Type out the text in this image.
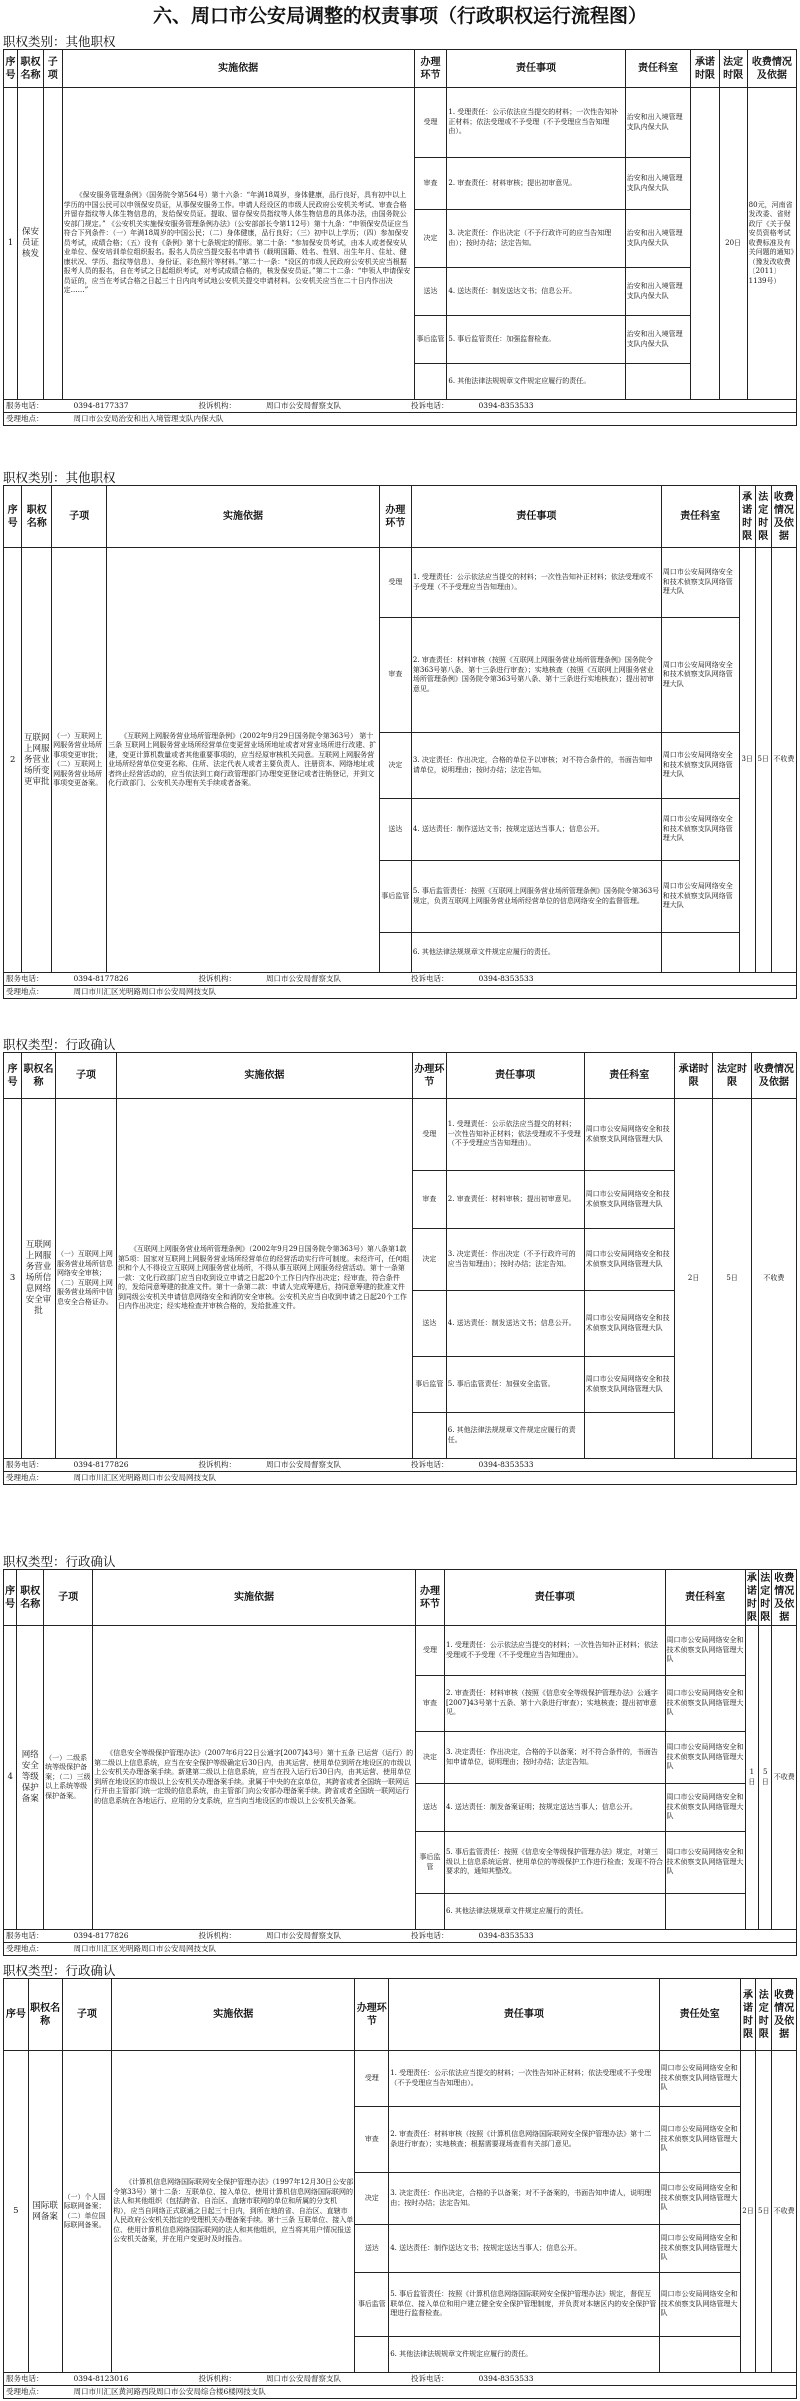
六、周口市公安局调整的权责事项（行政职权运行流程图）
职权类别：其他职权
序号	职权名称	子项	实施依据	办理环节	责任事项	责任科室	承诺时限	法定时限	收费情况及依据
1	保安员证核发		《保安服务管理条例》（国务院令第564号）第十六条：“年满18周岁，身体健康，品行良好，具有初中以上学历的中国公民可以申领保安员证，从事保安服务工作。申请人经设区的市级人民政府公安机关考试、审查合格并留存指纹等人体生物信息的，发给保安员证。提取、留存保安员指纹等人体生物信息的具体办法，由国务院公安部门规定。” 《公安机关实施保安服务管理条例办法》（公安部部长令第112号）第十九条：“申领保安员证应当符合下列条件：（一）年满18周岁的中国公民；（二）身体健康，品行良好；（三）初中以上学历；（四）参加保安员考试，成绩合格；（五）没有《条例》第十七条规定的情形。第二十条：“参加保安员考试，由本人或者保安从业单位、保安培训单位组织报名。报名人员应当提交报名申请书（载明国籍、姓名、性别、出生年月、住址、健康状况、学历、指纹等信息）、身份证、彩色照片等材料。”第二十一条：“设区的市级人民政府公安机关应当根据报考人员的报名，自在考试之日起组织考试，对考试成绩合格的，核发保安员证。”第二十二条：“申领人申请保安员证的，应当在考试合格之日起三十日内向考试地公安机关提交申请材料。公安机关应当在二十日内作出决定……”	受理	1. 受理责任：公示依法应当提交的材料；一次性告知补正材料；依法受理或不予受理（不予受理应当告知理由）。	治安和出入境管理支队内保大队		20日	80元，河南省发改委、省财政厅《关于保安员资格考试收费标准及有关问题的通知》（豫发改收费〔2011〕1139号）
				审查	2. 审查责任：材料审核；提出初审意见。	治安和出入境管理支队内保大队			
				决定	3. 决定责任：作出决定（不予行政许可的应当告知理由）；按时办结；法定告知。	治安和出入境管理支队内保大队			
				送达	4. 送达责任：制发送达文书；信息公开。	治安和出入境管理支队内保大队			
				事后监管	5. 事后监管责任：加强监督检查。	治安和出入境管理支队内保大队			
					6. 其他法律法规规章文件规定应履行的责任。				
服务电话：	0394-8177337	投诉机构：	周口市公安局督察支队	投诉电话：	0394-8353533
受理地点：	周口市公安局治安和出入境管理支队内保大队
职权类别：其他职权
序号	职权名称	子项	实施依据	办理环节	责任事项	责任科室	承诺时限	法定时限	收费情况及依据
2	互联网上网服务营业场所变更审批	（一）互联网上网服务营业场所事项变更审批；（二）互联网上网服务营业场所事项变更备案。	《互联网上网服务营业场所管理条例》（2002年9月29日国务院令第363号） 第十三条 互联网上网服务营业场所经营单位变更营业场所地址或者对营业场所进行改建、扩建，变更计算机数量或者其他重要事项的，应当经原审核机关同意。互联网上网服务营业场所经营单位变更名称、住所、法定代表人或者主要负责人、注册资本、网络地址或者终止经营活动的，应当依法到工商行政管理部门办理变更登记或者注销登记，并到文化行政部门、公安机关办理有关手续或者备案。	受理	1. 受理责任：公示依法应当提交的材料；一次性告知补正材料；依法受理或不予受理（不予受理应当告知理由）。	周口市公安局网络安全和技术侦察支队网络管理大队	3日	5日	不收费
				审查	2. 审查责任：材料审核（按照《互联网上网服务营业场所管理条例》国务院令第363号第八条、第十三条进行审查）；实地核查（按照《互联网上网服务营业场所管理条例》国务院令第363号第八条、第十三条进行实地核查）；提出初审意见。	周口市公安局网络安全和技术侦察支队网络管理大队			
				决定	3. 决定责任：作出决定，合格的单位予以审核；对不符合条件的，书面告知申请单位，说明理由；按时办结；法定告知。	周口市公安局网络安全和技术侦察支队网络管理大队			
				送达	4. 送达责任：制作送达文书；按规定送达当事人；信息公开。	周口市公安局网络安全和技术侦察支队网络管理大队			
				事后监管	5. 事后监管责任：按照《互联网上网服务营业场所管理条例》国务院令第363号规定，负责互联网上网服务营业场所经营单位的信息网络安全的监督管理。	周口市公安局网络安全和技术侦察支队网络管理大队			
					6. 其他法律法规规章文件规定应履行的责任。				
服务电话：	0394-8177826	投诉机构：	周口市公安局督察支队	投诉电话：	0394-8353533
受理地点：	周口市川汇区光明路周口市公安局网技支队
职权类型：行政确认
序号	职权名称	子项	实施依据	办理环节	责任事项	责任科室	承诺时限	法定时限	收费情况及依据
3	互联网上网服务营业场所信息网络安全审批	（一）互联网上网服务营业场所信息网络安全审核；（二）互联网上网服务营业场所中信息安全合格证办。	《互联网上网服务营业场所管理条例》（2002年9月29日国务院令第363号）第八条第1款第5项：国家对互联网上网服务营业场所经营单位的经营活动实行许可制度。未经许可，任何组织和个人不得设立互联网上网服务营业场所，不得从事互联网上网服务经营活动。第十一条第一款：文化行政部门应当自收到设立申请之日起20个工作日内作出决定；经审查，符合条件的，发给同意筹建的批准文件。第十一条第二款：申请人完成筹建后，持同意筹建的批准文件到同级公安机关申请信息网络安全和消防安全审核。公安机关应当自收到申请之日起20个工作日内作出决定；经实地检查并审核合格的，发给批准文件。	受理	1. 受理责任：公示依法应当提交的材料；一次性告知补正材料；依法受理或不予受理（不予受理应当告知理由）。	周口市公安局网络安全和技术侦察支队网络管理大队	2日	5日	不收费
				审查	2. 审查责任：材料审核；提出初审意见。	周口市公安局网络安全和技术侦察支队网络管理大队			
				决定	3. 决定责任：作出决定（不予行政许可的应当告知理由）；按时办结；法定告知。	周口市公安局网络安全和技术侦察支队网络管理大队			
				送达	4. 送达责任：制发送达文书；信息公开。	周口市公安局网络安全和技术侦察支队网络管理大队			
				事后监管	5. 事后监管责任：加强安全监管。	周口市公安局网络安全和技术侦察支队网络管理大队			
					6. 其他法律法规规章文件规定应履行的责任。				
服务电话：	0394-8177826	投诉机构：	周口市公安局督察支队	投诉电话：	0394-8353533
受理地点：	周口市川汇区光明路周口市公安局网技支队
职权类型：行政确认
序号	职权名称	子项	实施依据	办理环节	责任事项	责任科室	承诺时限	法定时限	收费情况及依据
4	网络安全等级保护备案	（一）二级系统等级保护备案；（二）三级以上系统等级保护备案。	《信息安全等级保护管理办法》（2007年6月22日公通字[2007]43号）第十五条 已运营（运行）的第二级以上信息系统，应当在安全保护等级确定后30日内，由其运营、使用单位到所在地设区的市级以上公安机关办理备案手续。新建第二级以上信息系统，应当在投入运行后30日内，由其运营、使用单位到所在地设区的市级以上公安机关办理备案手续。隶属于中央的在京单位，其跨省或者全国统一联网运行并由主管部门统一定级的信息系统，由主管部门向公安部办理备案手续。跨省或者全国统一联网运行的信息系统在各地运行、应用的分支系统，应当向当地设区的市级以上公安机关备案。	受理	1. 受理责任：公示依法应当提交的材料；一次性告知补正材料；依法受理或不予受理（不予受理应当告知理由）。	周口市公安局网络安全和技术侦察支队网络管理大队	1日	5日	不收费
				审查	2. 审查责任：材料审核（按照《信息安全等级保护管理办法》公通字[2007]43号第十五条、第十六条进行审查）；实地核查；提出初审意见。	周口市公安局网络安全和技术侦察支队网络管理大队			
				决定	3. 决定责任：作出决定，合格的予以备案；对不符合条件的，书面告知申请单位，说明理由；按时办结；法定告知。	周口市公安局网络安全和技术侦察支队网络管理大队			
				送达	4. 送达责任：制发备案证明；按规定送达当事人；信息公开。	周口市公安局网络安全和技术侦察支队网络管理大队			
				事后监管	5. 事后监管责任：按照《信息安全等级保护管理办法》规定，对第三级以上信息系统运营、使用单位的等级保护工作进行检查；发现不符合要求的，通知其整改。	周口市公安局网络安全和技术侦察支队网络管理大队			
					6. 其他法律法规规章文件规定应履行的责任。				
服务电话：	0394-8177826	投诉机构：	周口市公安局督察支队	投诉电话：	0394-8353533
受理地点：	周口市川汇区光明路周口市公安局网技支队
职权类型：行政确认
序号	职权名称	子项	实施依据	办理环节	责任事项	责任处室	承诺时限	法定时限	收费情况及依据
5	国际联网备案	（一）个人国际联网备案；（二）单位国际联网备案。	《计算机信息网络国际联网安全保护管理办法》（1997年12月30日公安部令第33号）第十二条：互联单位、接入单位、使用计算机信息网络国际联网的法人和其他组织（包括跨省、自治区、直辖市联网的单位和所属的分支机构），应当自网络正式联通之日起三十日内，到所在地的省、自治区、直辖市人民政府公安机关指定的受理机关办理备案手续。第十三条 互联单位、接入单位、使用计算机信息网络国际联网的法人和其他组织，应当将其用户情况报送公安机关备案，并在用户变更时及时报告。	受理	1. 受理责任：公示依法应当提交的材料；一次性告知补正材料；依法受理或不予受理（不予受理应当告知理由）。	周口市公安局网络安全和技术侦察支队网络管理大队	2日	5日	不收费
				审查	2. 审查责任：材料审核（按照《计算机信息网络国际联网安全保护管理办法》第十二条进行审查）；实地核查；根据需要现场查看有关部门意见。	周口市公安局网络安全和技术侦察支队网络管理大队			
				决定	3. 决定责任：作出决定，合格的予以备案；对不予备案的，书面告知申请人，说明理由；按时办结；法定告知。	周口市公安局网络安全和技术侦察支队网络管理大队			
				送达	4. 送达责任：制作送达文书；按规定送达当事人；信息公开。	周口市公安局网络安全和技术侦察支队网络管理大队			
				事后监管	5. 事后监管责任：按照《计算机信息网络国际联网安全保护管理办法》规定，督促互联单位、接入单位和用户建立健全安全保护管理制度，并负责对本辖区内的安全保护管理进行监督检查。	周口市公安局网络安全和技术侦察支队网络管理大队			
					6. 其他法律法规规章文件规定应履行的责任。				
服务电话：	0394-8123016	投诉机构：	周口市公安局督察支队	投诉电话：	0394-8353533
受理地点：	周口市川汇区黄河路西段周口市公安局综合楼6楼网技支队
